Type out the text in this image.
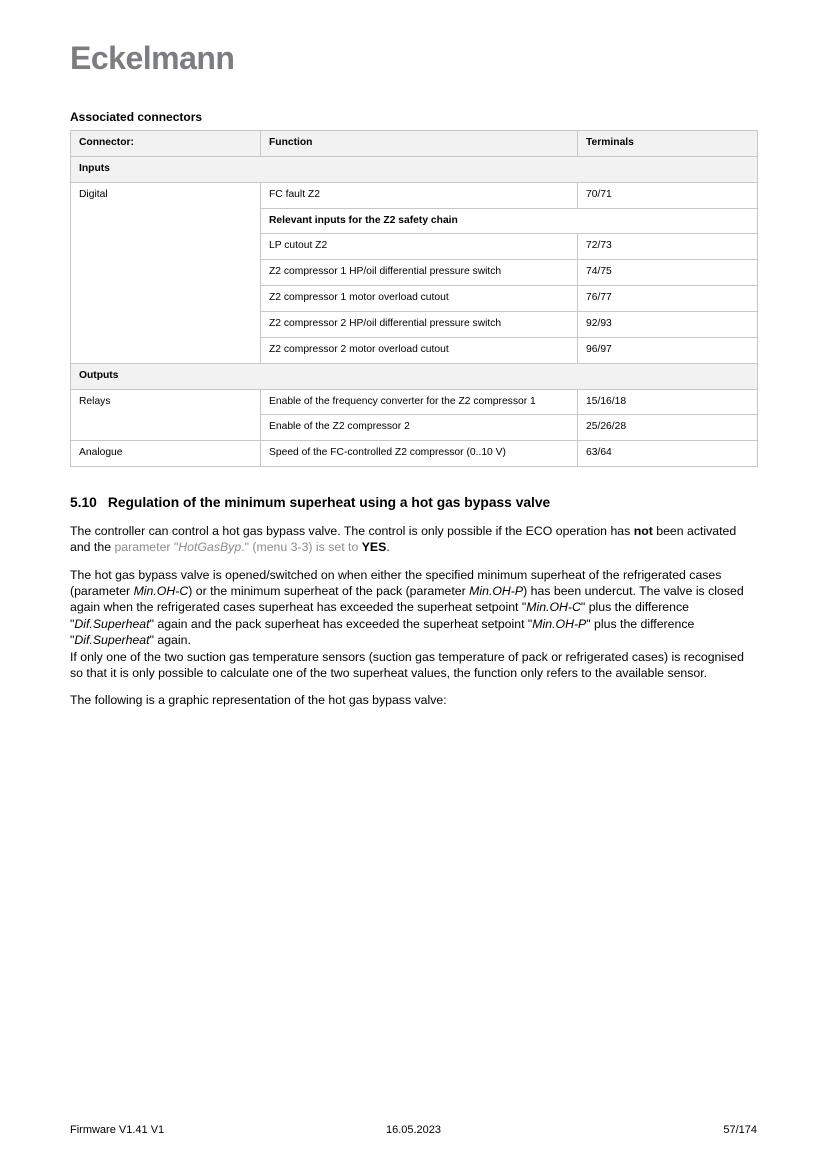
Eckelmann
Associated connectors
Connector:	Function	Terminals
Inputs		
Digital	FC fault Z2	70/71
	Relevant inputs for the Z2 safety chain	
	LP cutout Z2	72/73
	Z2 compressor 1 HP/oil differential pressure switch	74/75
	Z2 compressor 1 motor overload cutout	76/77
	Z2 compressor 2 HP/oil differential pressure switch	92/93
	Z2 compressor 2 motor overload cutout	96/97
Outputs		
Relays	Enable of the frequency converter for the Z2 compressor 1	15/16/18
	Enable of the Z2 compressor 2	25/26/28
Analogue	Speed of the FC-controlled Z2 compressor (0..10 V)	63/64
5.10 Regulation of the minimum superheat using a hot gas bypass valve

The controller can control a hot gas bypass valve. The control is only possible if the ECO operation has not been activated and the parameter "HotGasByp." (menu 3-3) is set to YES.

The hot gas bypass valve is opened/switched on when either the specified minimum superheat of the refrigerated cases (parameter Min.OH-C) or the minimum superheat of the pack (parameter Min.OH-P) has been undercut. The valve is closed again when the refrigerated cases superheat has exceeded the superheat setpoint "Min.OH-C" plus the difference "Dif.Superheat" again and the pack superheat has exceeded the superheat setpoint "Min.OH-P" plus the difference "Dif.Superheat" again.
If only one of the two suction gas temperature sensors (suction gas temperature of pack or refrigerated cases) is recognised so that it is only possible to calculate one of the two superheat values, the function only refers to the available sensor.

The following is a graphic representation of the hot gas bypass valve:

Firmware V1.41 V1	16.05.2023	57/174
